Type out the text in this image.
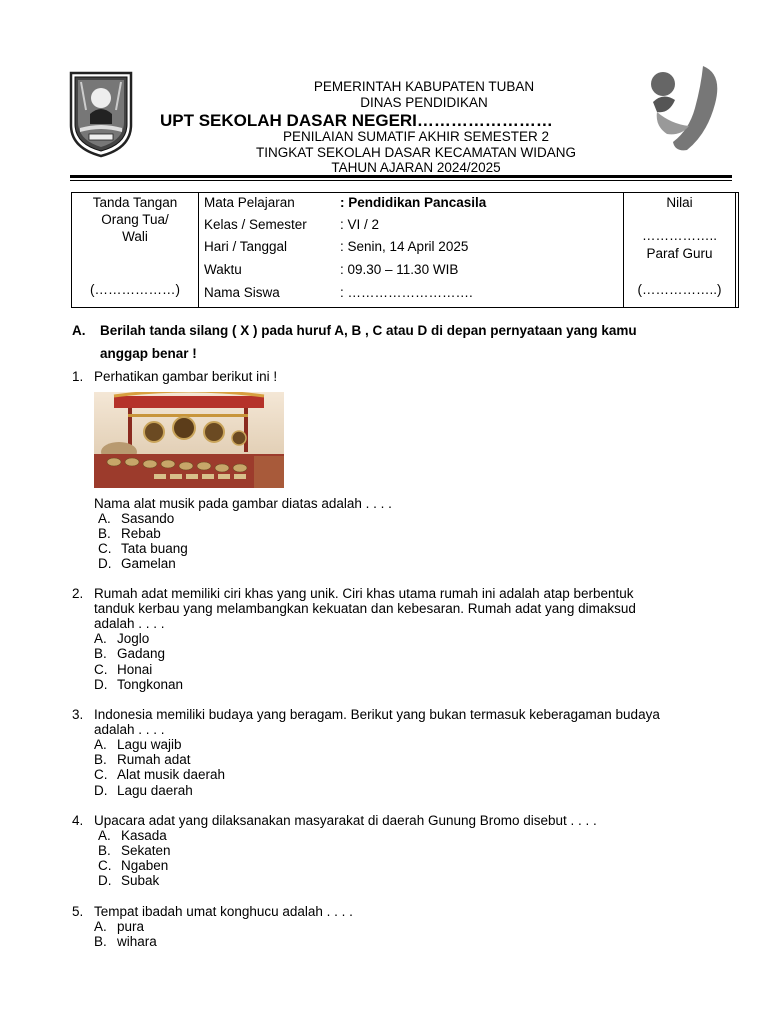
PEMERINTAH KABUPATEN TUBAN
DINAS PENDIDIKAN
UPT SEKOLAH DASAR NEGERI……………………
PENILAIAN SUMATIF AKHIR SEMESTER 2
TINGKAT SEKOLAH DASAR KECAMATAN WIDANG
TAHUN AJARAN 2024/2025
Tanda Tangan
Orang Tua/
Wali
(………………)
Mata Pelajaran	: Pendidikan Pancasila
Kelas / Semester : VI / 2
Hari / Tanggal	: Senin, 14 April 2025
Waktu	: 09.30 – 11.30 WIB
Nama Siswa	: ……………………….
Nilai
……………..
Paraf Guru
(……………..)
A. Berilah tanda silang ( X ) pada huruf A, B , C atau D di depan pernyataan yang kamu
anggap benar !
1. Perhatikan gambar berikut ini !
Nama alat musik pada gambar diatas adalah . . . .
A. Sasando
B. Rebab
C. Tata buang
D. Gamelan
2. Rumah adat memiliki ciri khas yang unik. Ciri khas utama rumah ini adalah atap berbentuk
tanduk kerbau yang melambangkan kekuatan dan kebesaran. Rumah adat yang dimaksud
adalah . . . .
A. Joglo
B. Gadang
C. Honai
D. Tongkonan
3. Indonesia memiliki budaya yang beragam. Berikut yang bukan termasuk keberagaman budaya
adalah . . . .
A. Lagu wajib
B. Rumah adat
C. Alat musik daerah
D. Lagu daerah
4. Upacara adat yang dilaksanakan masyarakat di daerah Gunung Bromo disebut . . . .
A. Kasada
B. Sekaten
C. Ngaben
D. Subak
5. Tempat ibadah umat konghucu adalah . . . .
A. pura
B. wihara
